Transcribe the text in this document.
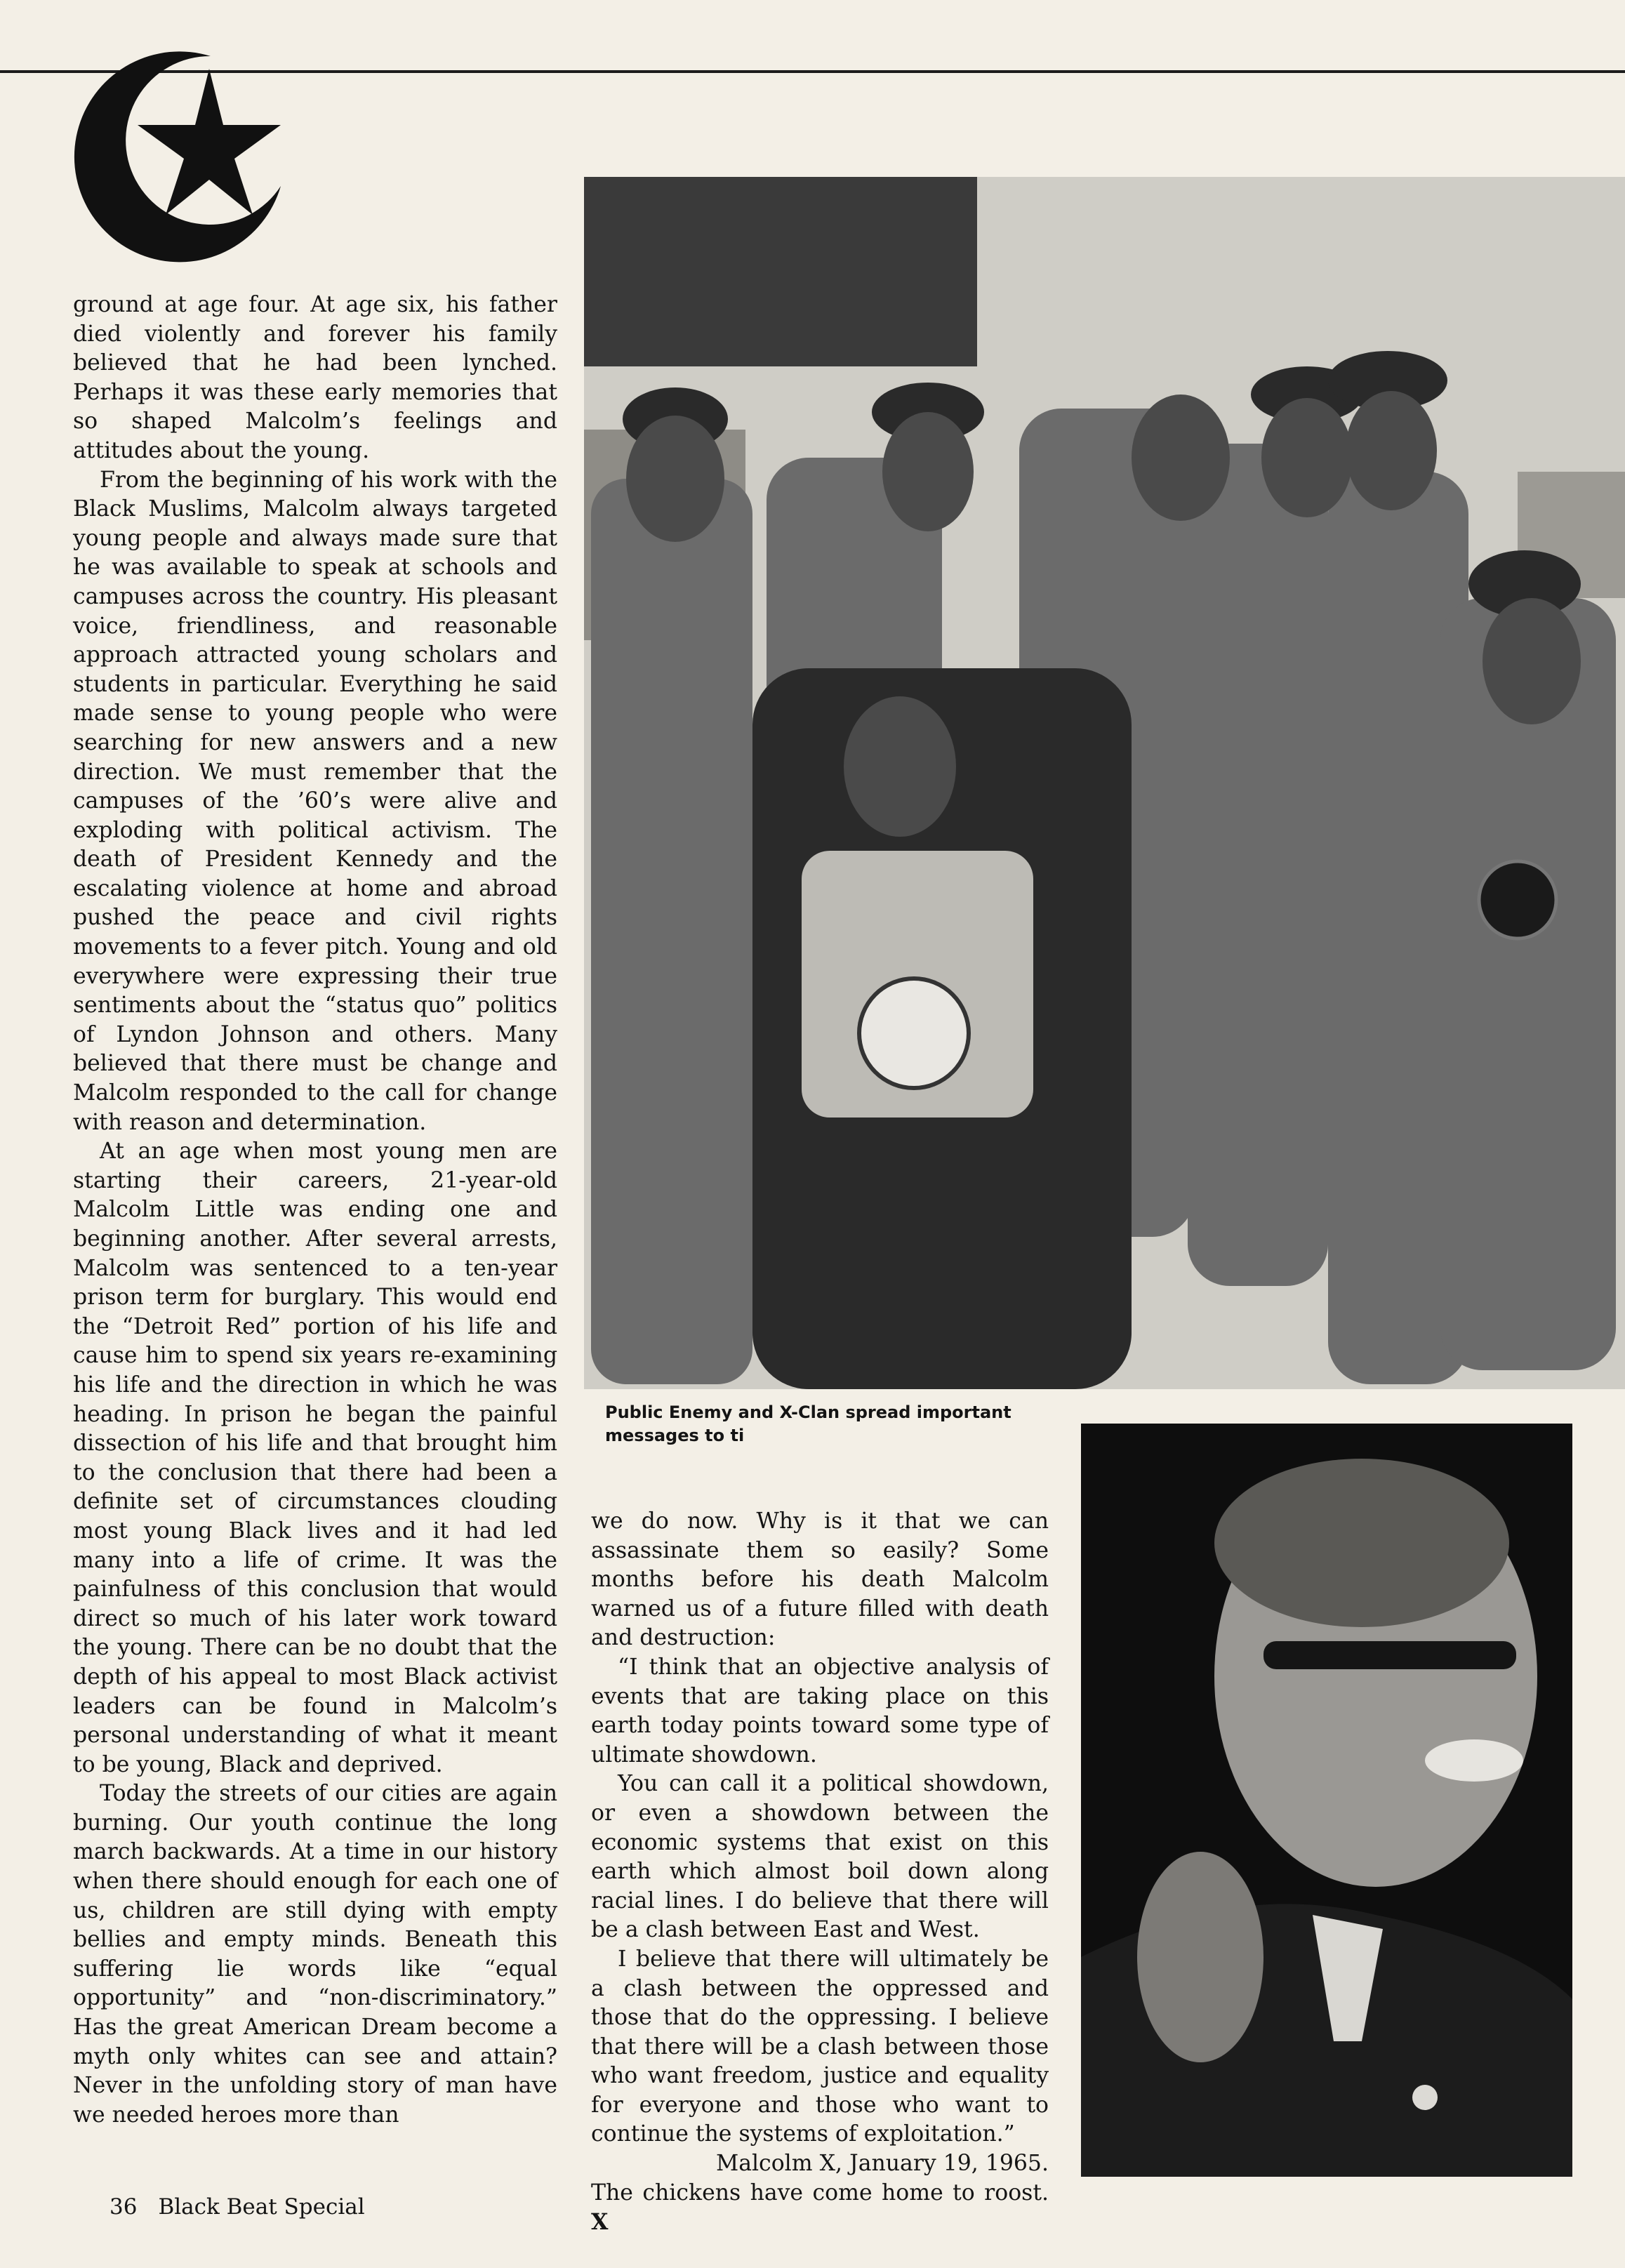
ground at age four. At age six, his father died violently and forever his family believed that he had been lynched. Perhaps it was these early memories that so shaped Malcolm’s feelings and attitudes about the young.

From the beginning of his work with the Black Muslims, Malcolm always targeted young people and always made sure that he was available to speak at schools and campuses across the country. His pleasant voice, friendliness, and reasonable approach attracted young scholars and students in particular. Everything he said made sense to young people who were searching for new answers and a new direction. We must remember that the campuses of the ’60’s were alive and exploding with political activism. The death of President Kennedy and the escalating violence at home and abroad pushed the peace and civil rights movements to a fever pitch. Young and old everywhere were expressing their true sentiments about the “status quo” politics of Lyndon Johnson and others. Many believed that there must be change and Malcolm responded to the call for change with reason and determination.

At an age when most young men are starting their careers, 21-year-old Malcolm Little was ending one and beginning another. After several arrests, Malcolm was sentenced to a ten-year prison term for burglary. This would end the “Detroit Red” portion of his life and cause him to spend six years re-examining his life and the direction in which he was heading. In prison he began the painful dissection of his life and that brought him to the conclusion that there had been a definite set of circumstances clouding most young Black lives and it had led many into a life of crime. It was the painfulness of this conclusion that would direct so much of his later work toward the young. There can be no doubt that the depth of his appeal to most Black activist leaders can be found in Malcolm’s personal understanding of what it meant to be young, Black and deprived.

Today the streets of our cities are again burning. Our youth continue the long march backwards. At a time in our history when there should enough for each one of us, children are still dying with empty bellies and empty minds. Beneath this suffering lie words like “equal opportunity” and “non-discriminatory.” Has the great American Dream become a myth only whites can see and attain? Never in the unfolding story of man have we needed heroes more than

Public Enemy and X-Clan spread important messages to ti

we do now. Why is it that we can assassinate them so easily? Some months before his death Malcolm warned us of a future filled with death and destruction:

“I think that an objective analysis of events that are taking place on this earth today points toward some type of ultimate showdown.

You can call it a political showdown, or even a showdown between the economic systems that exist on this earth which almost boil down along racial lines. I do believe that there will be a clash between East and West.

I believe that there will ultimately be a clash between the oppressed and those that do the oppressing. I believe that there will be a clash between those who want freedom, justice and equality for everyone and those who want to continue the systems of exploitation.”

Malcolm X, January 19, 1965.

The chickens have come home to roost. X

36 Black Beat Special
